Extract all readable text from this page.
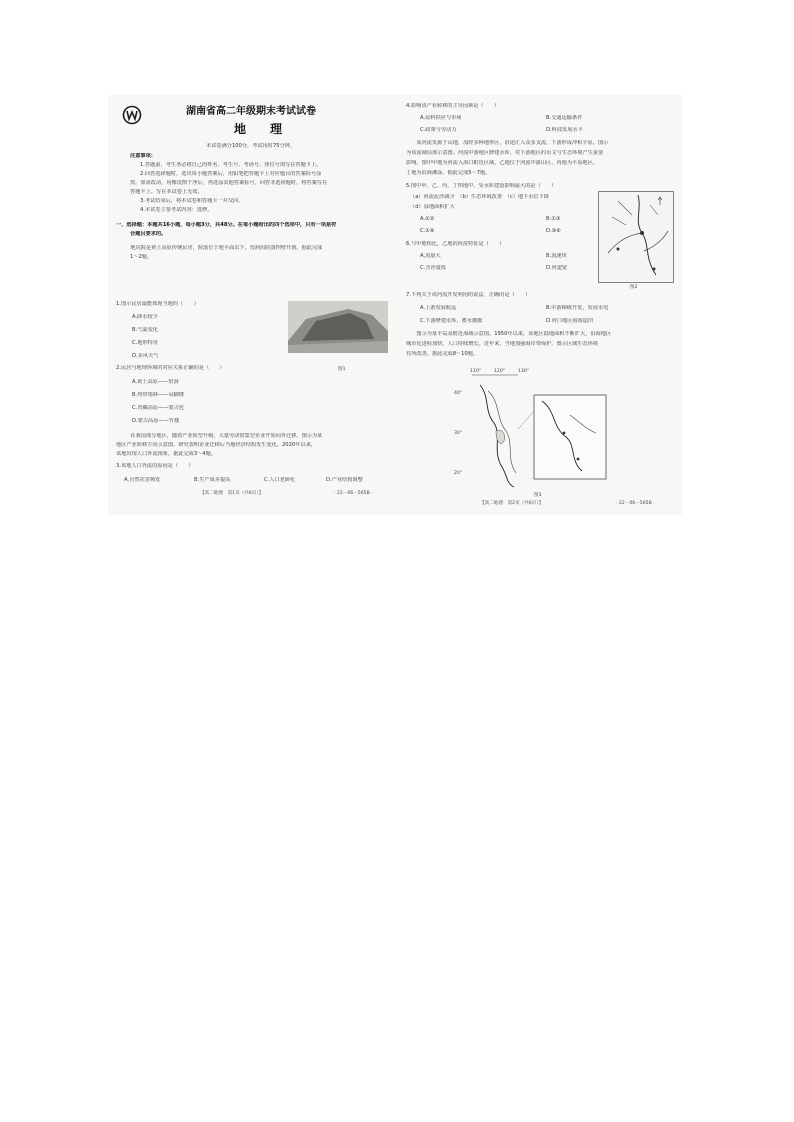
湖南省高二年级期末考试试卷
地　　理
本试卷满分100分，考试用时75分钟。
注意事项：
1.答题前，考生务必将自己的姓名、考生号、考场号、座位号填写在答题卡上。
2.回答选择题时，选出每小题答案后，用铅笔把答题卡上对应题目的答案标号涂
黑。如需改动，用橡皮擦干净后，再选涂其他答案标号。回答非选择题时，将答案写在
答题卡上。写在本试卷上无效。
3.考试结束后，将本试卷和答题卡一并交回。
4.本试卷主要考试内容：选修。
一、选择题：本题共16小题，每小题3分，共48分。在每小题给出的四个选项中，只有一项是符
合题目要求的。
　　地坑院是黄土高原传统民居，院落位于地平面以下，窑洞沿院落四壁开凿。据此完成
1～2题。
1.图示民居最能体现当地的（　　）
A.降水较少
B.气温变化
C.地形特征
D.多风天气
图1
2.民居与地理环境的对应关系正确的是（　　）
A.黄土高原——窑洞
B.热带雨林——吊脚楼
C.青藏高原——蒙古包
D.蒙古高原——竹楼
　　在我国部分地区，随着产业转型升级，大量劳动密集型企业开始向外迁移。图示为某
地区产业转移方向示意图。研究表明企业迁移后当地经济结构发生变化。2020年以来，
该地出现人口外流现象。据此完成3～4题。
3.该地人口外流的原因是（　　）
A.自然灾害频发	B.生产成本提高	C.人口老龄化	D.产业结构调整
【高二地理　第1页（共6页）】	· 22－06－565B ·
4.影响该产业转移的主导因素是（　　）
A.原料供应与市场	B.交通运输条件
C.政策与劳动力	D.科技发展水平
　　某河流发源于山地，流经多种地形区，沿途汇入众多支流，下游形成冲积平原。图示
为该流域局部示意图。河流中游地区修建水库，对下游地区的水文与生态环境产生重要
影响。图中甲地为河流入海口附近区域，乙地位于河流中游山区，丙地为平原地区，
丁地为沿海滩涂。据此完成5～7题。
5.图中甲、乙、丙、丁四地中，受水库建设影响最大的是（　　）
（a）河流泥沙减少　（b）生态环境改善　（c）地下水位下降
（d）湿地面积扩大
A.①②	B.②③
C.①④	D.③④
6.与甲地相比，乙地的河流特征是（　　）
A.流量大	B.流速快
C.含沙量低	D.河道宽
图2
7.下列关于该河流开发利用的说法，正确的是（　　）
A.上游发展航运	B.中游梯级开发，发展水电
C.下游修建水库，蓄水灌溉	D.河口地区围海造田
　　图示为某半岛及附近海域示意图。1950年以来，该地区陆地面积不断扩大，沿海地区
城市化进程加快，人口持续增长。近年来，当地加强海岸带保护，图示区域生态环境
有所改善。据此完成8～10题。
110°	120°	130°
40°
30°
20°
图3
【高二地理　第2页（共6页）】	· 22－06－565B ·
